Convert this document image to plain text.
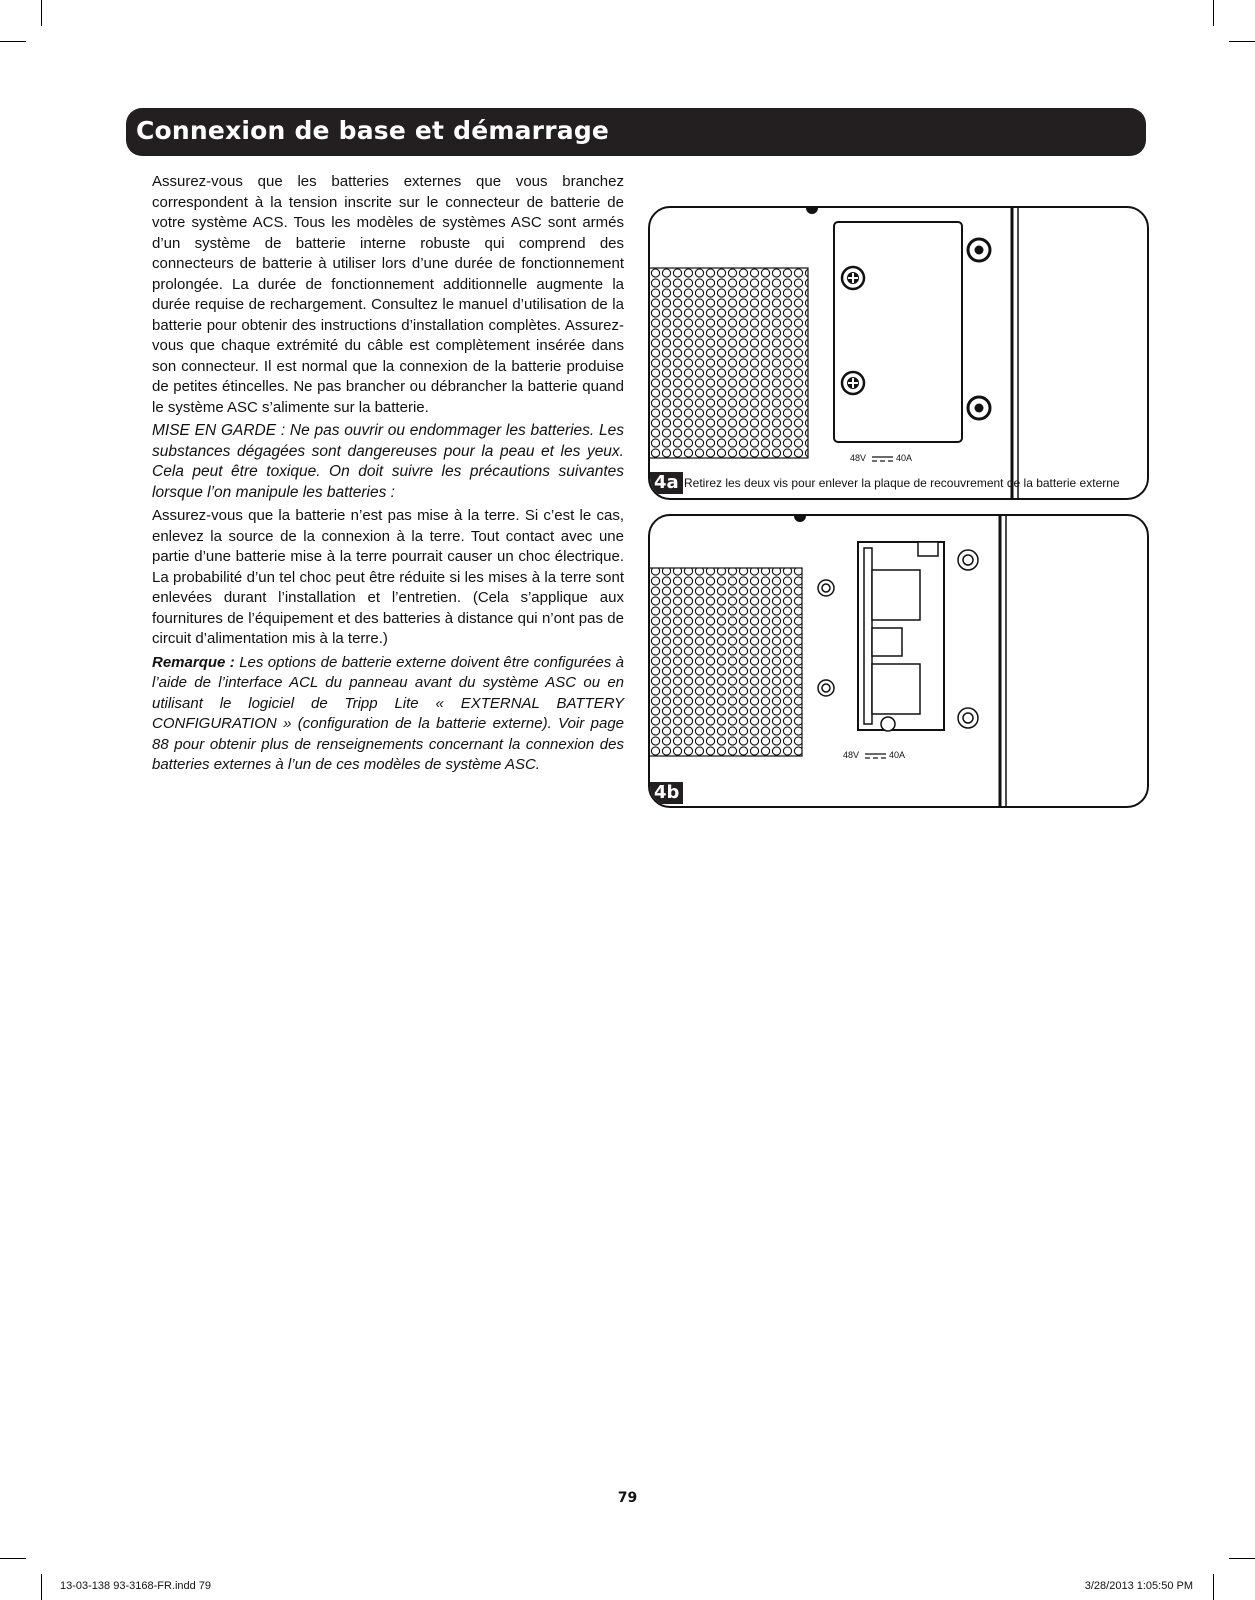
Connexion de base et démarrage

Assurez-vous que les batteries externes que vous branchez correspondent à la tension inscrite sur le connecteur de batterie de votre système ACS. Tous les modèles de systèmes ASC sont armés d’un système de batterie interne robuste qui comprend des connecteurs de batterie à utiliser lors d’une durée de fonctionnement prolongée. La durée de fonctionnement additionnelle augmente la durée requise de rechargement. Consultez le manuel d’utilisation de la batterie pour obtenir des instructions d’installation complètes. Assurez-vous que chaque extrémité du câble est complètement insérée dans son connecteur. Il est normal que la connexion de la batterie produise de petites étincelles. Ne pas brancher ou débrancher la batterie quand le système ASC s’alimente sur la batterie.

MISE EN GARDE : Ne pas ouvrir ou endommager les batteries. Les substances dégagées sont dangereuses pour la peau et les yeux. Cela peut être toxique. On doit suivre les précautions suivantes lorsque l’on manipule les batteries :

Assurez-vous que la batterie n’est pas mise à la terre. Si c’est le cas, enlevez la source de la connexion à la terre. Tout contact avec une partie d’une batterie mise à la terre pourrait causer un choc électrique. La probabilité d’un tel choc peut être réduite si les mises à la terre sont enlevées durant l’installation et l’entretien. (Cela s’applique aux fournitures de l’équipement et des batteries à distance qui n’ont pas de circuit d’alimentation mis à la terre.)

Remarque : Les options de batterie externe doivent être configurées à l’aide de l’interface ACL du panneau avant du système ASC ou en utilisant le logiciel de Tripp Lite « EXTERNAL BATTERY CONFIGURATION » (configuration de la batterie externe). Voir page 88 pour obtenir plus de renseignements concernant la connexion des batteries externes à l’un de ces modèles de système ASC.

48V	40A
4a Retirez les deux vis pour enlever la plaque de recouvrement de la batterie externe
48V	40A
4b
79
13-03-138 93-3168-FR.indd 79	3/28/2013 1:05:50 PM
